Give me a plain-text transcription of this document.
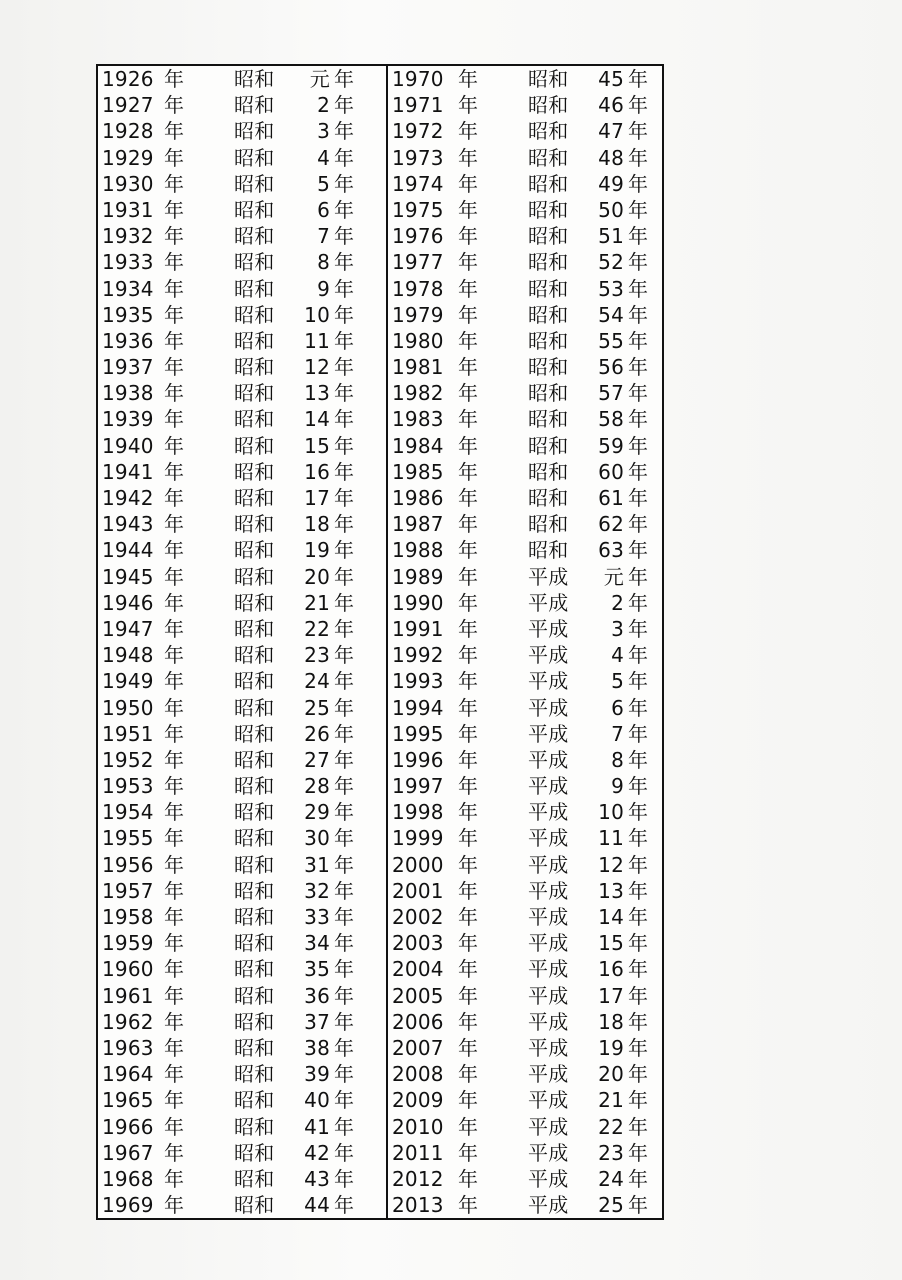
1926 年 昭和	元 年
1927 年 昭和	2 年
1928 年 昭和	3 年
1929 年 昭和	4 年
1930 年 昭和	5 年
1931 年 昭和	6 年
1932 年 昭和	7 年
1933 年 昭和	8 年
1934 年 昭和	9 年
1935 年 昭和	10 年
1936 年 昭和	11 年
1937 年 昭和	12 年
1938 年 昭和	13 年
1939 年 昭和	14 年
1940 年 昭和	15 年
1941 年 昭和	16 年
1942 年 昭和	17 年
1943 年 昭和	18 年
1944 年 昭和	19 年
1945 年 昭和	20 年
1946 年 昭和	21 年
1947 年 昭和	22 年
1948 年 昭和	23 年
1949 年 昭和	24 年
1950 年 昭和	25 年
1951 年 昭和	26 年
1952 年 昭和	27 年
1953 年 昭和	28 年
1954 年 昭和	29 年
1955 年 昭和	30 年
1956 年 昭和	31 年
1957 年 昭和	32 年
1958 年 昭和	33 年
1959 年 昭和	34 年
1960 年 昭和	35 年
1961 年 昭和	36 年
1962 年 昭和	37 年
1963 年 昭和	38 年
1964 年 昭和	39 年
1965 年 昭和	40 年
1966 年 昭和	41 年
1967 年 昭和	42 年
1968 年 昭和	43 年
1969 年 昭和	44 年
1970 年 昭和	45 年
1971 年 昭和	46 年
1972 年 昭和	47 年
1973 年 昭和	48 年
1974 年 昭和	49 年
1975 年 昭和	50 年
1976 年 昭和	51 年
1977 年 昭和	52 年
1978 年 昭和	53 年
1979 年 昭和	54 年
1980 年 昭和	55 年
1981 年 昭和	56 年
1982 年 昭和	57 年
1983 年 昭和	58 年
1984 年 昭和	59 年
1985 年 昭和	60 年
1986 年 昭和	61 年
1987 年 昭和	62 年
1988 年 昭和	63 年
1989 年 平成	元 年
1990 年 平成	2 年
1991 年 平成	3 年
1992 年 平成	4 年
1993 年 平成	5 年
1994 年 平成	6 年
1995 年 平成	7 年
1996 年 平成	8 年
1997 年 平成	9 年
1998 年 平成	10 年
1999 年 平成	11 年
2000 年 平成	12 年
2001 年 平成	13 年
2002 年 平成	14 年
2003 年 平成	15 年
2004 年 平成	16 年
2005 年 平成	17 年
2006 年 平成	18 年
2007 年 平成	19 年
2008 年 平成	20 年
2009 年 平成	21 年
2010 年 平成	22 年
2011 年 平成	23 年
2012 年 平成	24 年
2013 年 平成	25 年
